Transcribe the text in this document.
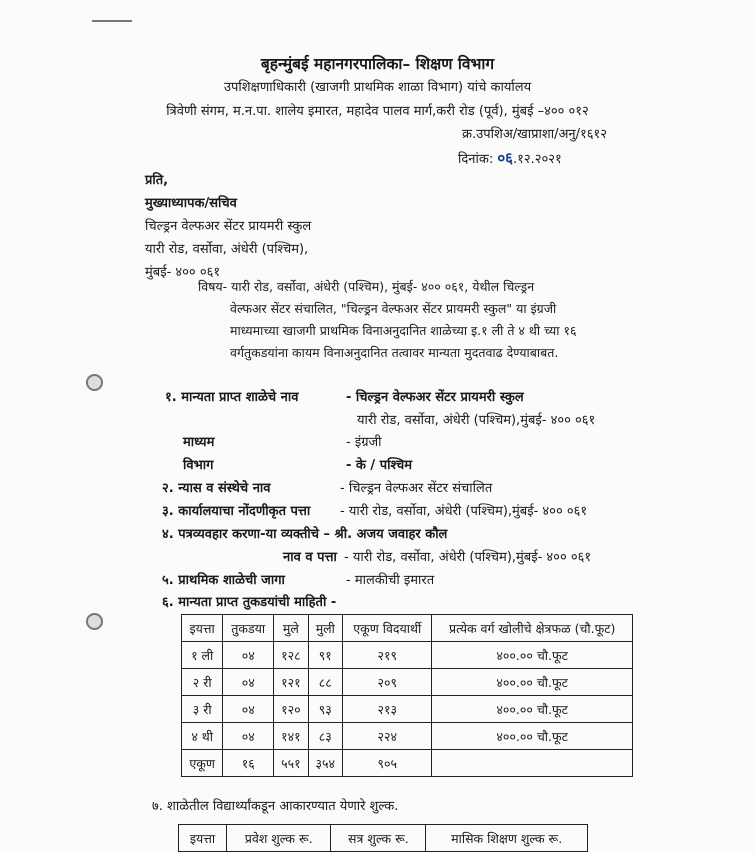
बृहन्मुंबई महानगरपालिका– शिक्षण विभाग
उपशिक्षणाधिकारी (खाजगी प्राथमिक शाळा विभाग) यांचे कार्यालय
त्रिवेणी संगम, म.न.पा. शालेय इमारत, महादेव पालव मार्ग,करी रोड (पूर्व), मुंबई –४०० ०१२
क्र.उपशिअ/खाप्राशा/अनु/१६१२
दिनांक: ०६.१२.२०२१
प्रति,
मुख्याध्यापक/सचिव
चिल्ड्रन वेल्फअर सेंटर प्रायमरी स्कुल
यारी रोड, वर्सोवा, अंधेरी (पश्चिम),
मुंबई- ४०० ०६१
विषय- यारी रोड, वर्सोवा, अंधेरी (पश्चिम), मुंबई- ४०० ०६१, येथील चिल्ड्रन
वेल्फअर सेंटर संचालित, "चिल्ड्रन वेल्फअर सेंटर प्रायमरी स्कुल" या इंग्रजी
माध्यमाच्या खाजगी प्राथमिक विनाअनुदानित शाळेच्या इ.१ ली ते ४ थी च्या १६
वर्गतुकडयांना कायम विनाअनुदानित तत्वावर मान्यता मुदतवाढ देण्याबाबत.
१. मान्यता प्राप्त शाळेचे नाव	- चिल्ड्रन वेल्फअर सेंटर प्रायमरी स्कुल
यारी रोड, वर्सोवा, अंधेरी (पश्चिम),मुंबई- ४०० ०६१
माध्यम	- इंग्रजी
विभाग	- के / पश्चिम
२. न्यास व संस्थेचे नाव	- चिल्ड्रन वेल्फअर सेंटर संचालित
३. कार्यालयाचा नोंदणीकृत पत्ता - यारी रोड, वर्सोवा, अंधेरी (पश्चिम),मुंबई- ४०० ०६१
४. पत्रव्यवहार करणा-या व्यक्तीचे – श्री. अजय जवाहर कौल
नाव व पत्ता - यारी रोड, वर्सोवा, अंधेरी (पश्चिम),मुंबई- ४०० ०६१
५. प्राथमिक शाळेची जागा	- मालकीची इमारत
६. मान्यता प्राप्त तुकडयांची माहिती -
इयत्ता	तुकडया	मुले	मुली	एकूण विदयार्थी	प्रत्येक वर्ग खोलीचे क्षेत्रफळ (चौ.फूट)
१ ली	०४	१२८	९१	२१९	४००.०० चौ.फूट
२ री	०४	१२१	८८	२०९	४००.०० चौ.फूट
३ री	०४	१२०	९३	२१३	४००.०० चौ.फूट
४ थी	०४	१४१	८३	२२४	४००.०० चौ.फूट
एकूण	१६	५५१	३५४	९०५	
७. शाळेतील विद्यार्थ्यांकडून आकारण्यात येणारे शुल्क.
इयत्ता	प्रवेश शुल्क रू.	सत्र शुल्क रू.	मासिक शिक्षण शुल्क रू.
